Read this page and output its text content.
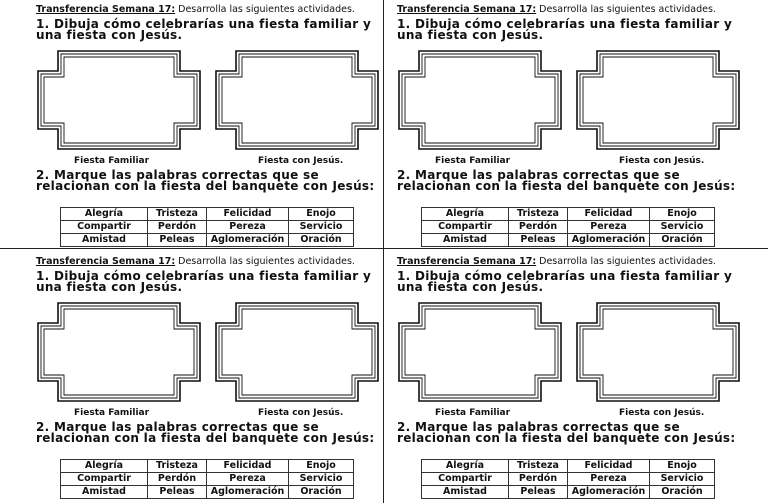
Transferencia Semana 17: Desarrolla las siguientes actividades.
1. Dibuja cómo celebrarías una fiesta familiar y una fiesta con Jesús.
Fiesta Familiar	Fiesta con Jesús.
2. Marque las palabras correctas que se relacionan con la fiesta del banquete con Jesús:
Alegría	Tristeza	Felicidad	Enojo
Compartir	Perdón	Pereza	Servicio
Amistad	Peleas	Aglomeración	Oración
Transferencia Semana 17: Desarrolla las siguientes actividades.
1. Dibuja cómo celebrarías una fiesta familiar y una fiesta con Jesús.
Fiesta Familiar	Fiesta con Jesús.
2. Marque las palabras correctas que se relacionan con la fiesta del banquete con Jesús:
Alegría	Tristeza	Felicidad	Enojo
Compartir	Perdón	Pereza	Servicio
Amistad	Peleas	Aglomeración	Oración
Transferencia Semana 17: Desarrolla las siguientes actividades.
1. Dibuja cómo celebrarías una fiesta familiar y una fiesta con Jesús.
Fiesta Familiar	Fiesta con Jesús.
2. Marque las palabras correctas que se relacionan con la fiesta del banquete con Jesús:
Alegría	Tristeza	Felicidad	Enojo
Compartir	Perdón	Pereza	Servicio
Amistad	Peleas	Aglomeración	Oración
Transferencia Semana 17: Desarrolla las siguientes actividades.
1. Dibuja cómo celebrarías una fiesta familiar y una fiesta con Jesús.
Fiesta Familiar	Fiesta con Jesús.
2. Marque las palabras correctas que se relacionan con la fiesta del banquete con Jesús:
Alegría	Tristeza	Felicidad	Enojo
Compartir	Perdón	Pereza	Servicio
Amistad	Peleas	Aglomeración	Oración
